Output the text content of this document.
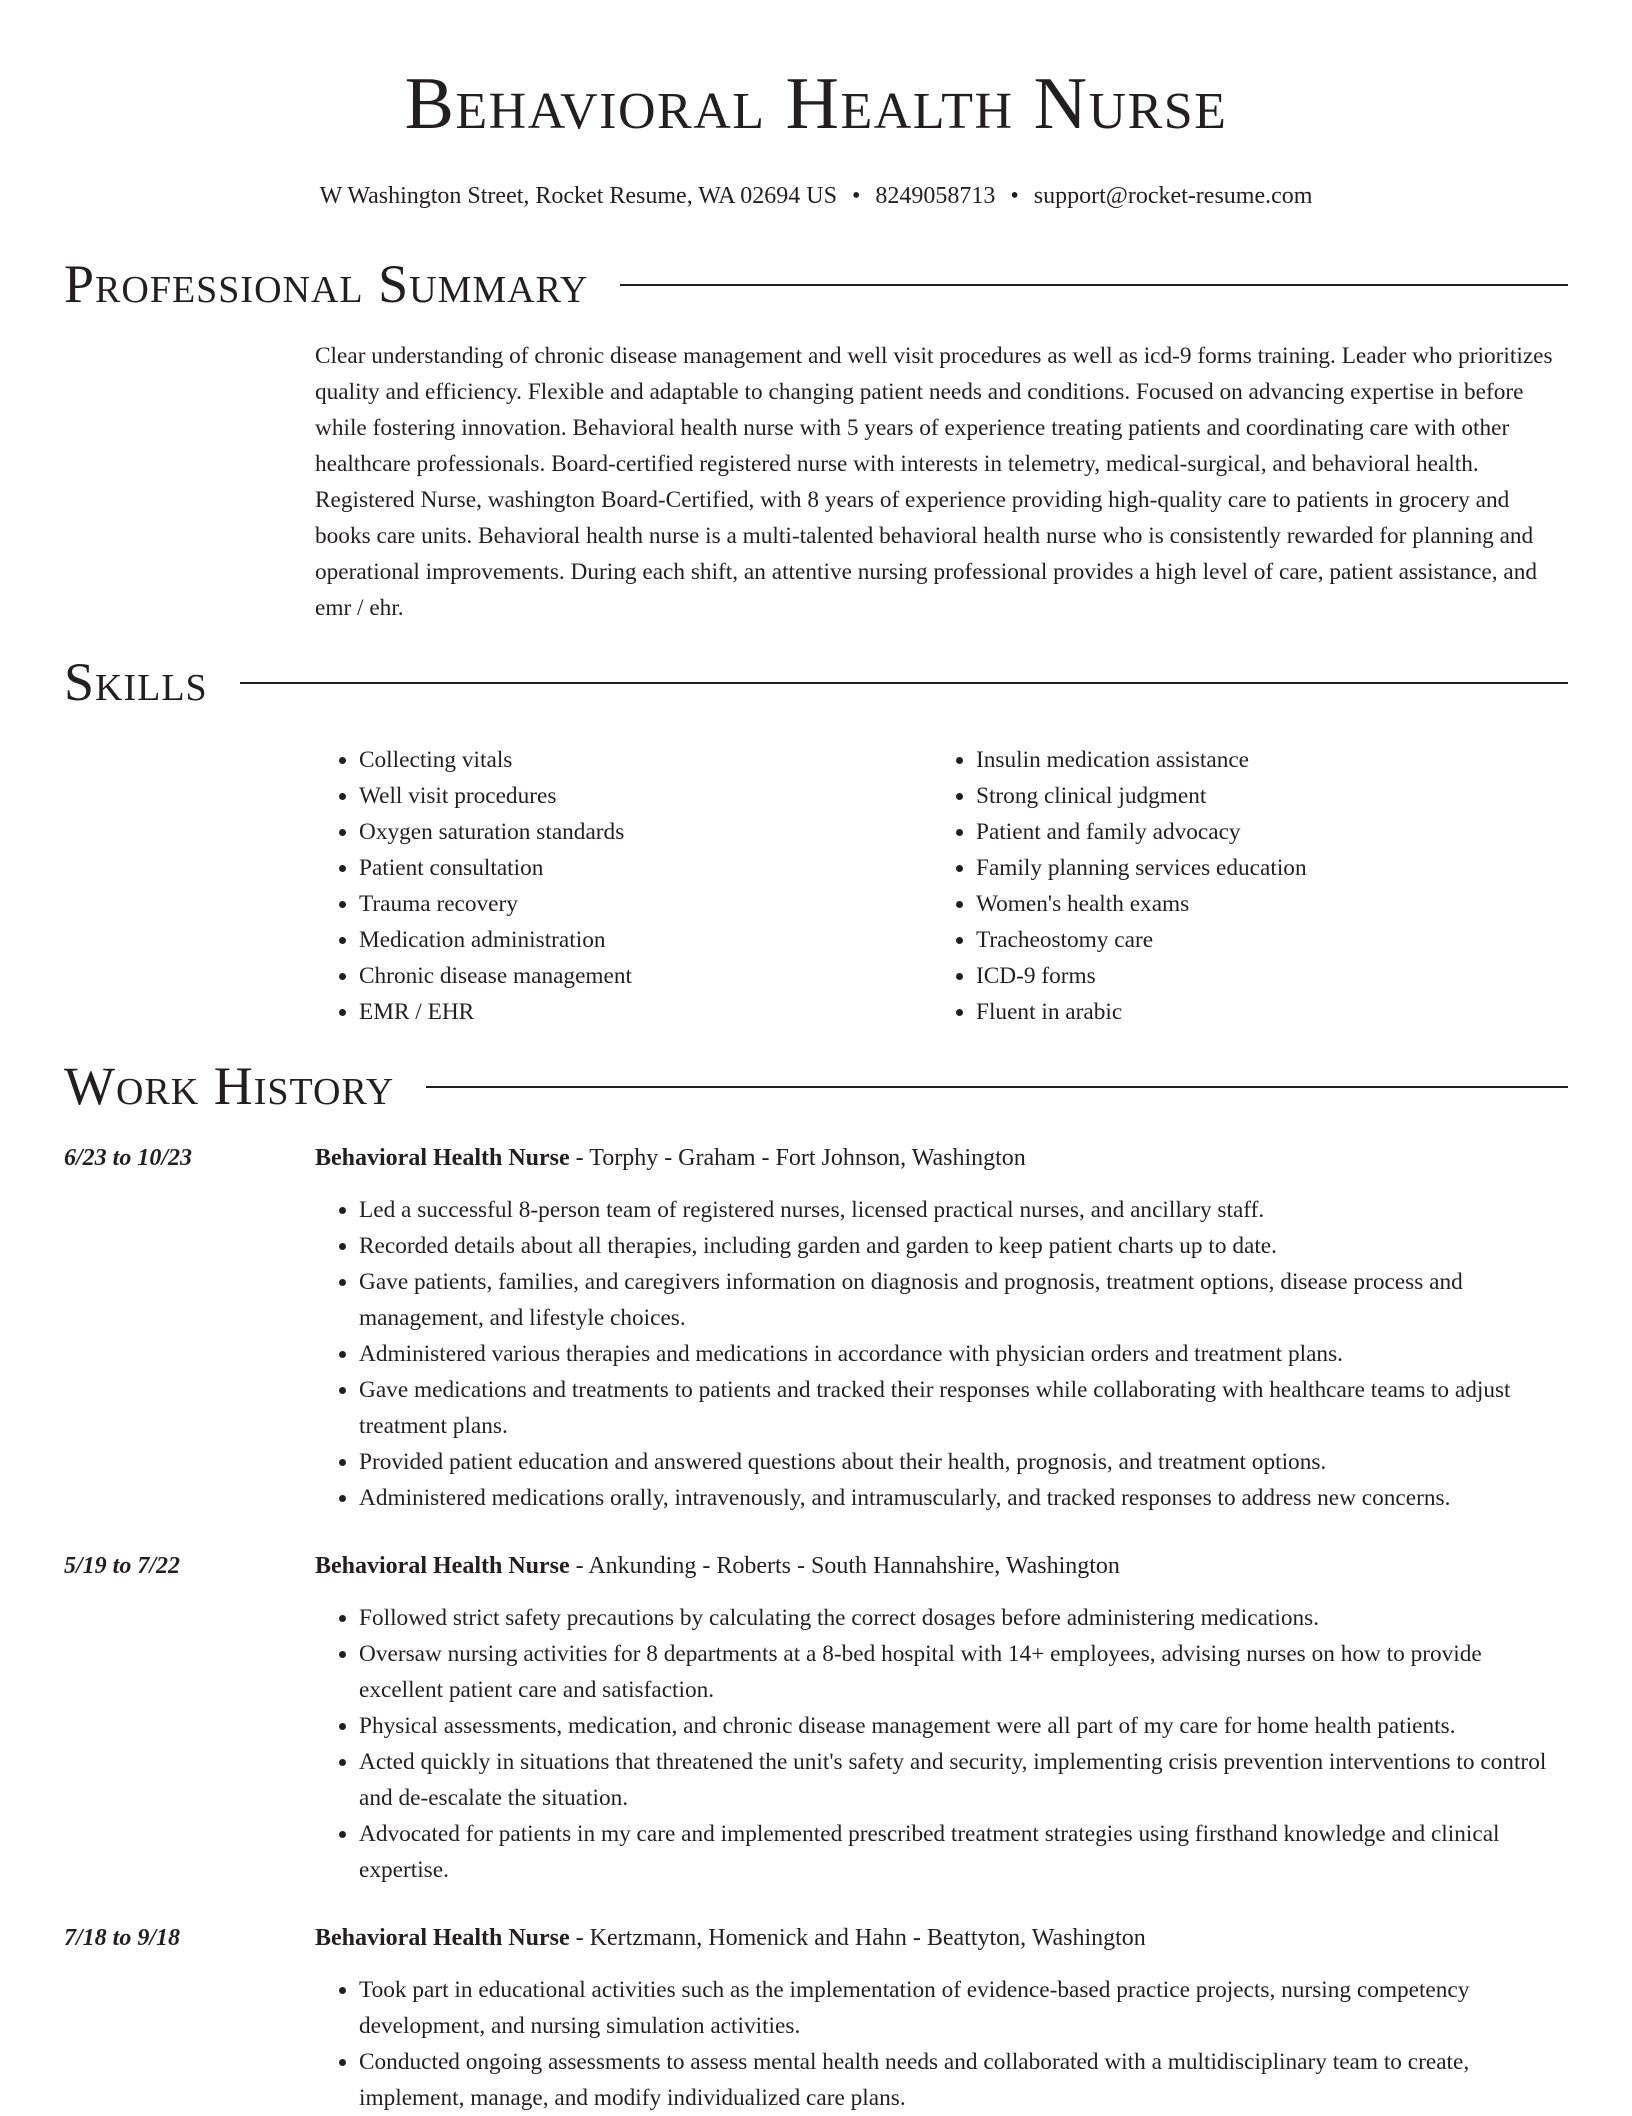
Behavioral Health Nurse
W Washington Street, Rocket Resume, WA 02694 US • 8249058713 • support@rocket-resume.com
Professional Summary
Clear understanding of chronic disease management and well visit procedures as well as icd-9 forms training. Leader who prioritizes quality and efficiency. Flexible and adaptable to changing patient needs and conditions. Focused on advancing expertise in before while fostering innovation. Behavioral health nurse with 5 years of experience treating patients and coordinating care with other healthcare professionals. Board-certified registered nurse with interests in telemetry, medical-surgical, and behavioral health. Registered Nurse, washington Board-Certified, with 8 years of experience providing high-quality care to patients in grocery and books care units. Behavioral health nurse is a multi-talented behavioral health nurse who is consistently rewarded for planning and operational improvements. During each shift, an attentive nursing professional provides a high level of care, patient assistance, and emr / ehr.
Skills
• Collecting vitals
• Well visit procedures
• Oxygen saturation standards
• Patient consultation
• Trauma recovery
• Medication administration
• Chronic disease management
• EMR / EHR
• Insulin medication assistance
• Strong clinical judgment
• Patient and family advocacy
• Family planning services education
• Women's health exams
• Tracheostomy care
• ICD-9 forms
• Fluent in arabic
Work History
6/23 to 10/23	Behavioral Health Nurse - Torphy - Graham - Fort Johnson, Washington
• Led a successful 8-person team of registered nurses, licensed practical nurses, and ancillary staff.
• Recorded details about all therapies, including garden and garden to keep patient charts up to date.
• Gave patients, families, and caregivers information on diagnosis and prognosis, treatment options, disease process and management, and lifestyle choices.
• Administered various therapies and medications in accordance with physician orders and treatment plans.
• Gave medications and treatments to patients and tracked their responses while collaborating with healthcare teams to adjust treatment plans.
• Provided patient education and answered questions about their health, prognosis, and treatment options.
• Administered medications orally, intravenously, and intramuscularly, and tracked responses to address new concerns.
5/19 to 7/22	Behavioral Health Nurse - Ankunding - Roberts - South Hannahshire, Washington
• Followed strict safety precautions by calculating the correct dosages before administering medications.
• Oversaw nursing activities for 8 departments at a 8-bed hospital with 14+ employees, advising nurses on how to provide excellent patient care and satisfaction.
• Physical assessments, medication, and chronic disease management were all part of my care for home health patients.
• Acted quickly in situations that threatened the unit's safety and security, implementing crisis prevention interventions to control and de-escalate the situation.
• Advocated for patients in my care and implemented prescribed treatment strategies using firsthand knowledge and clinical expertise.
7/18 to 9/18	Behavioral Health Nurse - Kertzmann, Homenick and Hahn - Beattyton, Washington
• Took part in educational activities such as the implementation of evidence-based practice projects, nursing competency development, and nursing simulation activities.
• Conducted ongoing assessments to assess mental health needs and collaborated with a multidisciplinary team to create, implement, manage, and modify individualized care plans.
